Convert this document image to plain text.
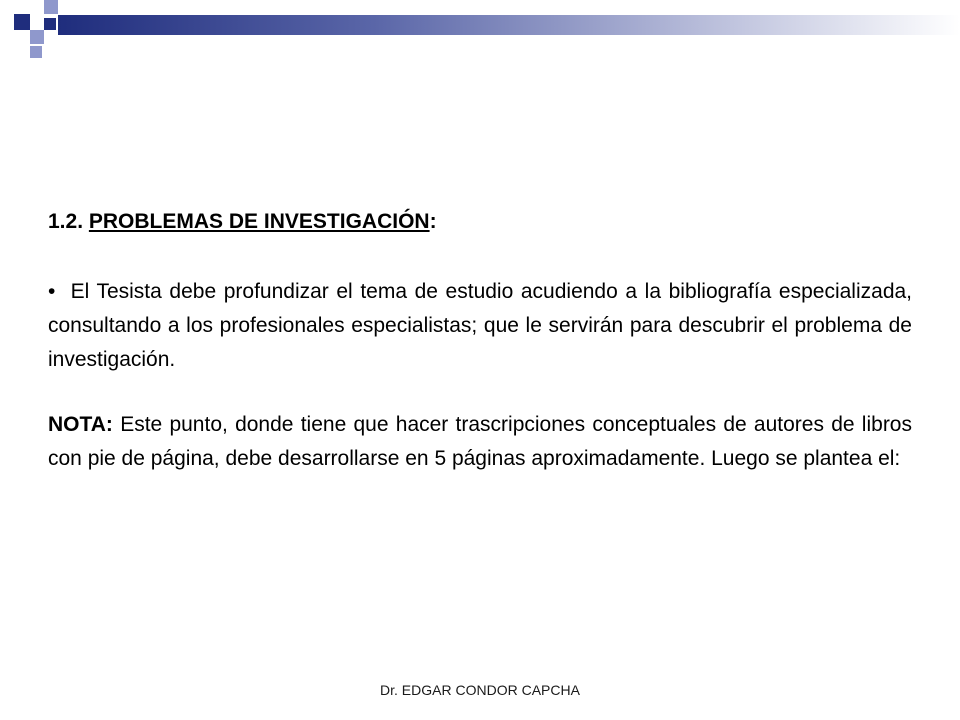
1.2. PROBLEMAS DE INVESTIGACIÓN:

• El Tesista debe profundizar el tema de estudio acudiendo a la bibliografía especializada, consultando a los profesionales especialistas; que le servirán para descubrir el problema de investigación.

NOTA: Este punto, donde tiene que hacer trascripciones conceptuales de autores de libros con pie de página, debe desarrollarse en 5 páginas aproximadamente. Luego se plantea el:

Dr. EDGAR CONDOR CAPCHA
